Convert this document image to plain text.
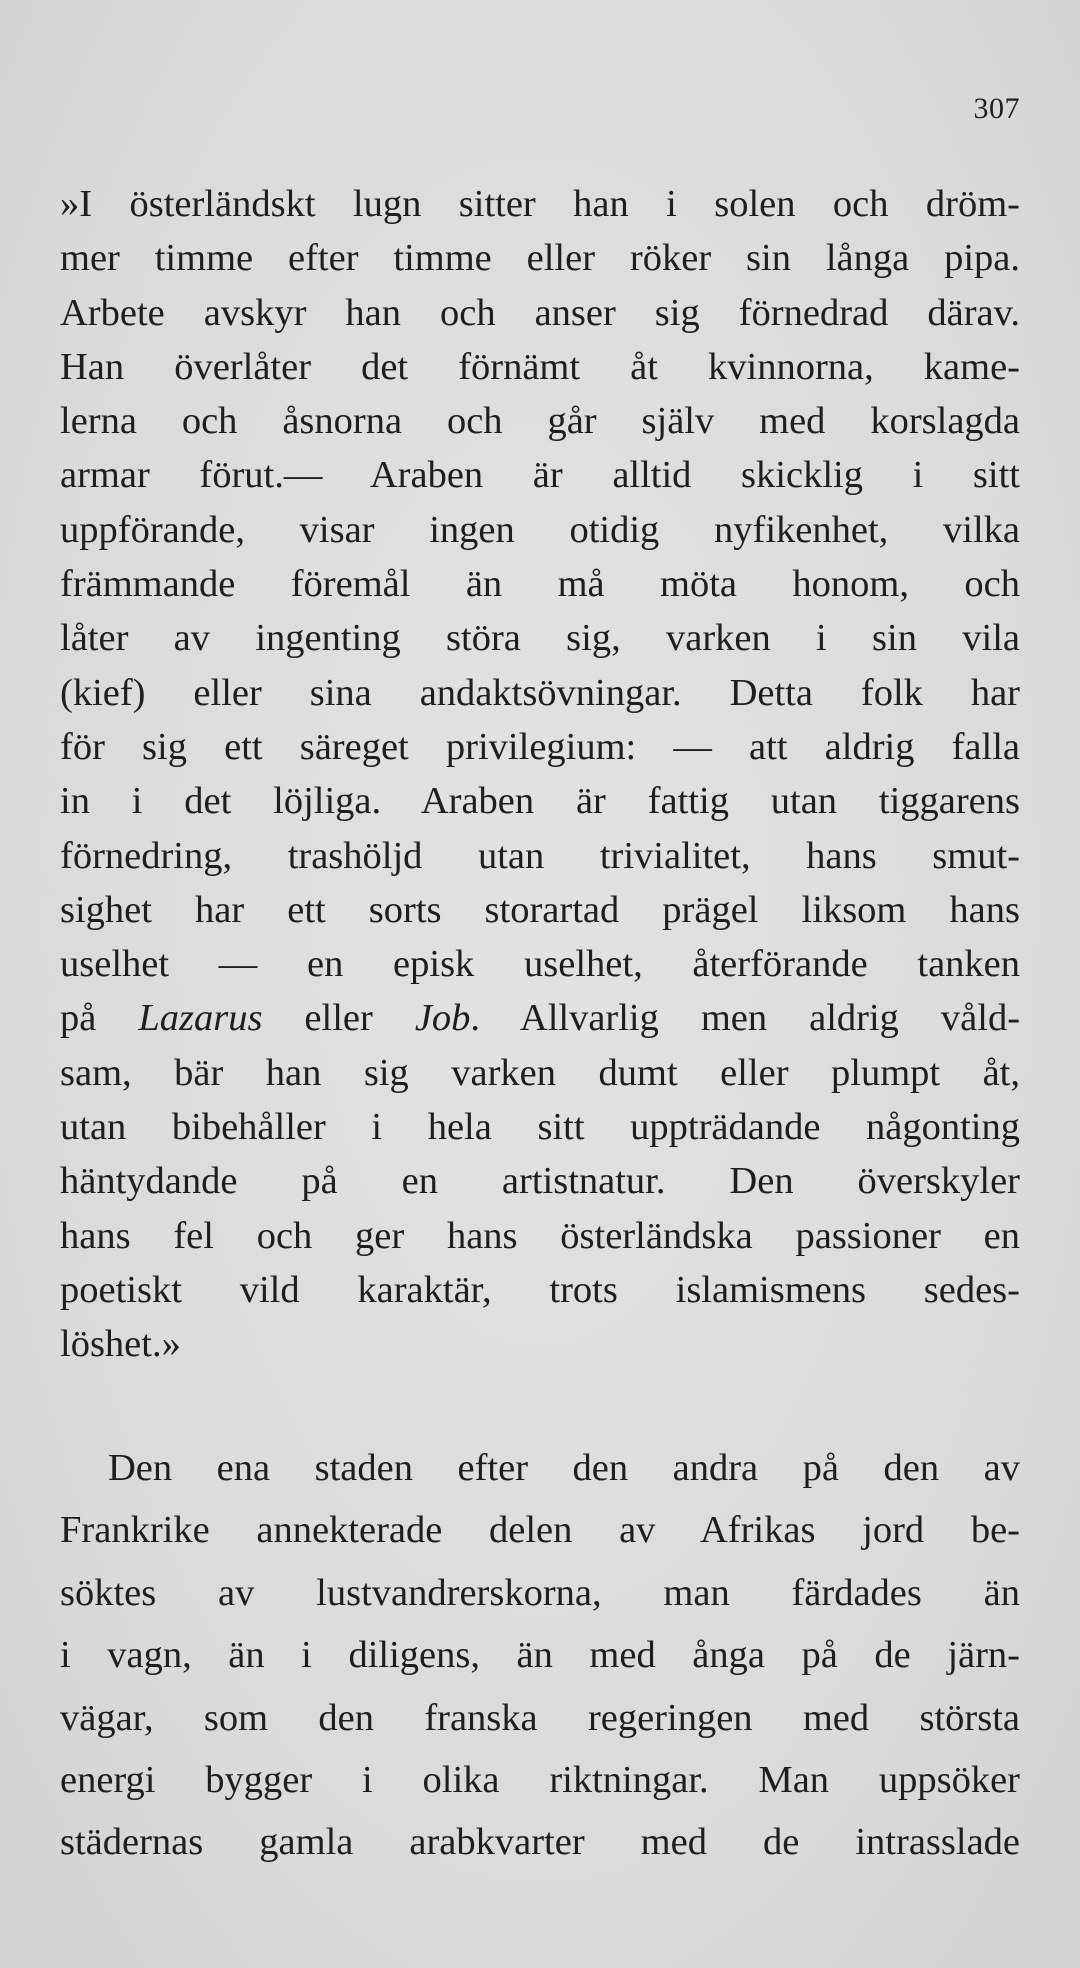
307
»I österländskt lugn sitter han i solen och dröm-
mer timme efter timme eller röker sin långa pipa.
Arbete avskyr han och anser sig förnedrad därav.
Han överlåter det förnämt åt kvinnorna, kame-
lerna och åsnorna och går själv med korslagda
armar förut.— Araben är alltid skicklig i sitt
uppförande, visar ingen otidig nyfikenhet, vilka
främmande föremål än må möta honom, och
låter av ingenting störa sig, varken i sin vila
(kief) eller sina andaktsövningar. Detta folk har
för sig ett säreget privilegium: — att aldrig falla
in i det löjliga. Araben är fattig utan tiggarens
förnedring, trashöljd utan trivialitet, hans smut-
sighet har ett sorts storartad prägel liksom hans
uselhet — en episk uselhet, återförande tanken
på Lazarus eller Job. Allvarlig men aldrig våld-
sam, bär han sig varken dumt eller plumpt åt,
utan bibehåller i hela sitt uppträdande någonting
häntydande på en artistnatur. Den överskyler
hans fel och ger hans österländska passioner en
poetiskt vild karaktär, trots islamismens sedes-
löshet.»
Den ena staden efter den andra på den av
Frankrike annekterade delen av Afrikas jord be-
söktes av lustvandrerskorna, man färdades än
i vagn, än i diligens, än med ånga på de järn-
vägar, som den franska regeringen med största
energi bygger i olika riktningar. Man uppsöker
städernas gamla arabkvarter med de intrasslade
